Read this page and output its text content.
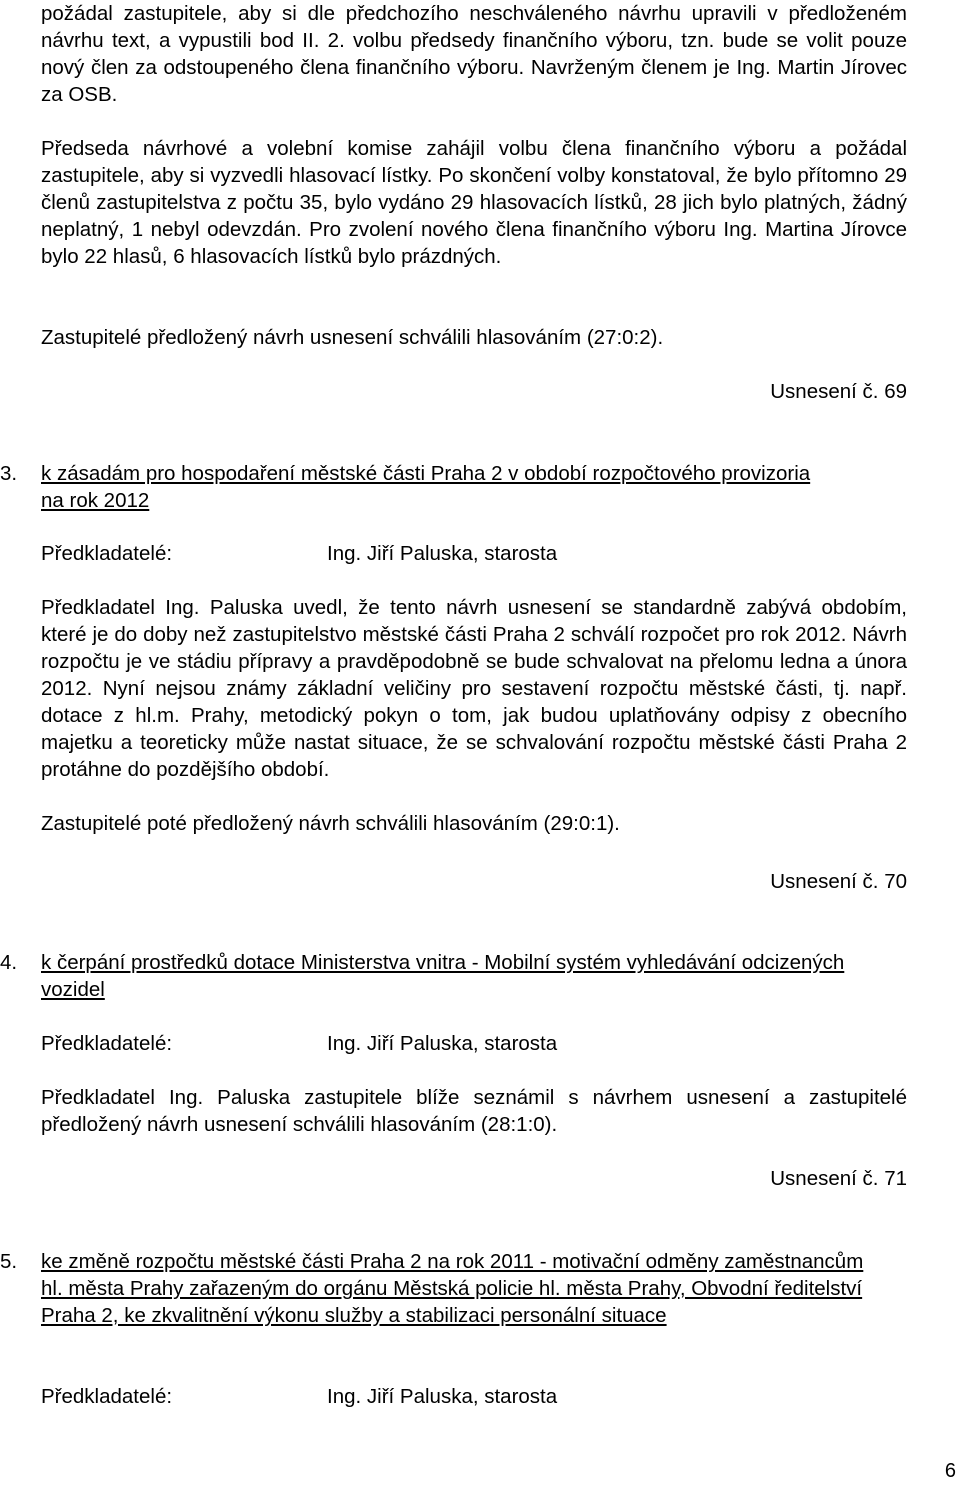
požádal zastupitele, aby si dle předchozího neschváleného návrhu upravili v předloženém návrhu text, a vypustili bod II. 2. volbu předsedy finančního výboru, tzn. bude se volit pouze nový člen za odstoupeného člena finančního výboru. Navrženým členem je Ing. Martin Jírovec za OSB.

Předseda návrhové a volební komise zahájil volbu člena finančního výboru a požádal zastupitele, aby si vyzvedli hlasovací lístky. Po skončení volby konstatoval, že bylo přítomno 29 členů zastupitelstva z počtu 35, bylo vydáno 29 hlasovacích lístků, 28 jich bylo platných, žádný neplatný, 1 nebyl odevzdán. Pro zvolení nového člena finančního výboru Ing. Martina Jírovce bylo 22 hlasů, 6 hlasovacích lístků bylo prázdných.

Zastupitelé předložený návrh usnesení schválili hlasováním (27:0:2).

Usnesení č. 69

3. k zásadám pro hospodaření městské části Praha 2 v období rozpočtového provizoria na rok 2012

Předkladatelé:	Ing. Jiří Paluska, starosta

Předkladatel Ing. Paluska uvedl, že tento návrh usnesení se standardně zabývá obdobím, které je do doby než zastupitelstvo městské části Praha 2 schválí rozpočet pro rok 2012. Návrh rozpočtu je ve stádiu přípravy a pravděpodobně se bude schvalovat na přelomu ledna a února 2012. Nyní nejsou známy základní veličiny pro sestavení rozpočtu městské části, tj. např. dotace z hl.m. Prahy, metodický pokyn o tom, jak budou uplatňovány odpisy z obecního majetku a teoreticky může nastat situace, že se schvalování rozpočtu městské části Praha 2 protáhne do pozdějšího období.

Zastupitelé poté předložený návrh schválili hlasováním (29:0:1).

Usnesení č. 70

4. k čerpání prostředků dotace Ministerstva vnitra - Mobilní systém vyhledávání odcizených vozidel

Předkladatelé:	Ing. Jiří Paluska, starosta

Předkladatel Ing. Paluska zastupitele blíže seznámil s návrhem usnesení a zastupitelé předložený návrh usnesení schválili hlasováním (28:1:0).

Usnesení č. 71

5. ke změně rozpočtu městské části Praha 2 na rok 2011 - motivační odměny zaměstnancům hl. města Prahy zařazeným do orgánu Městská policie hl. města Prahy, Obvodní ředitelství Praha 2, ke zkvalitnění výkonu služby a stabilizaci personální situace

Předkladatelé:	Ing. Jiří Paluska, starosta

6
